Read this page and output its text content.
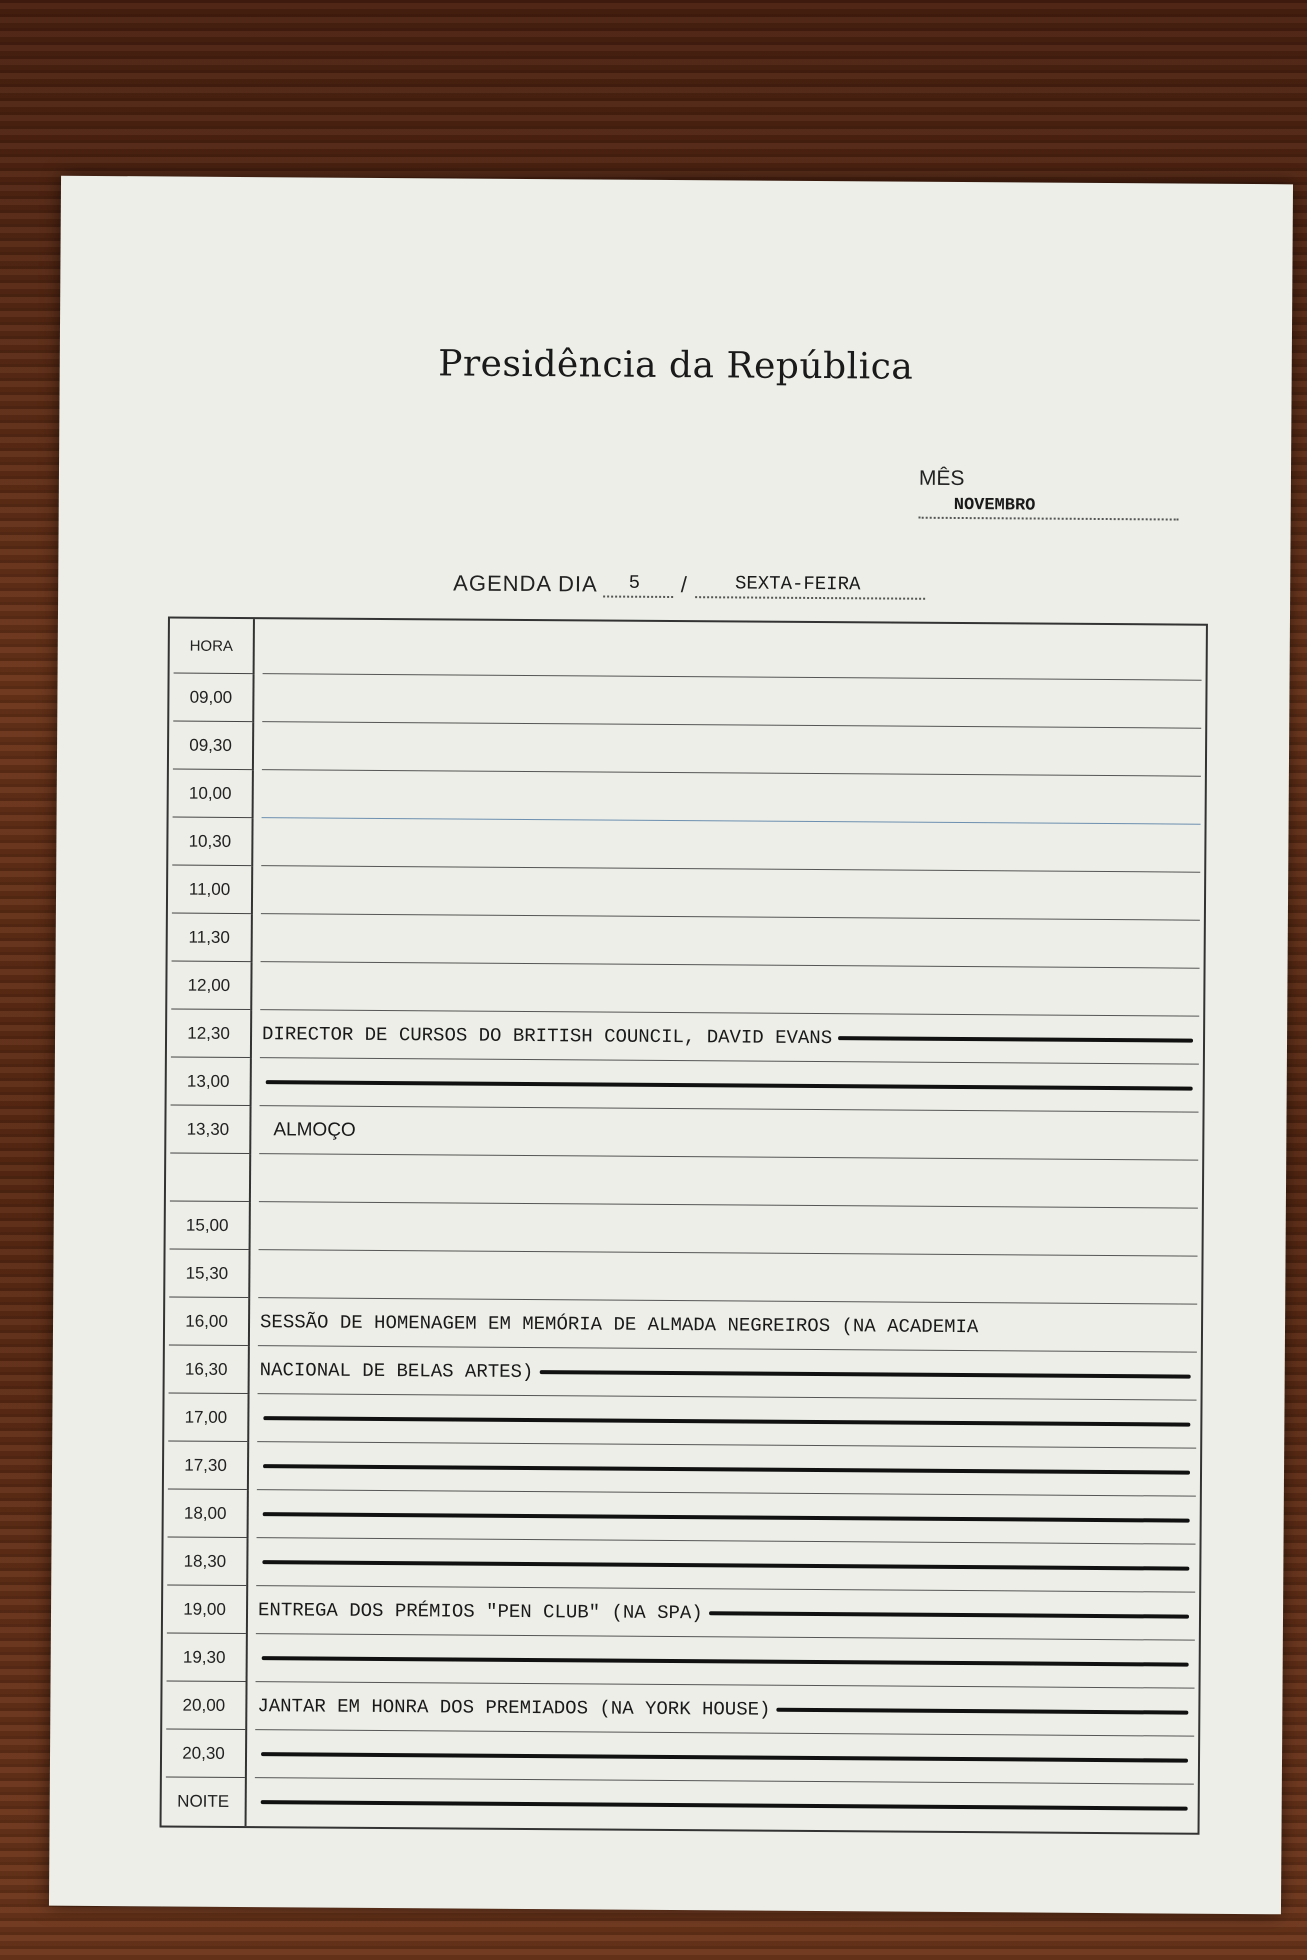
Presidência da República
MÊS
NOVEMBRO
AGENDA DIA 5 / SEXTA-FEIRA
HORA
09,00
09,30
10,00
10,30
11,00
11,30
12,00
12,30	DIRECTOR DE CURSOS DO BRITISH COUNCIL, DAVID EVANS
13,00
13,30	ALMOÇO
15,00
15,30
16,00	SESSÃO DE HOMENAGEM EM MEMÓRIA DE ALMADA NEGREIROS (NA ACADEMIA
16,30	NACIONAL DE BELAS ARTES)
17,00
17,30
18,00
18,30
19,00	ENTREGA DOS PRÉMIOS "PEN CLUB" (NA SPA)
19,30
20,00	JANTAR EM HONRA DOS PREMIADOS (NA YORK HOUSE)
20,30
NOITE
